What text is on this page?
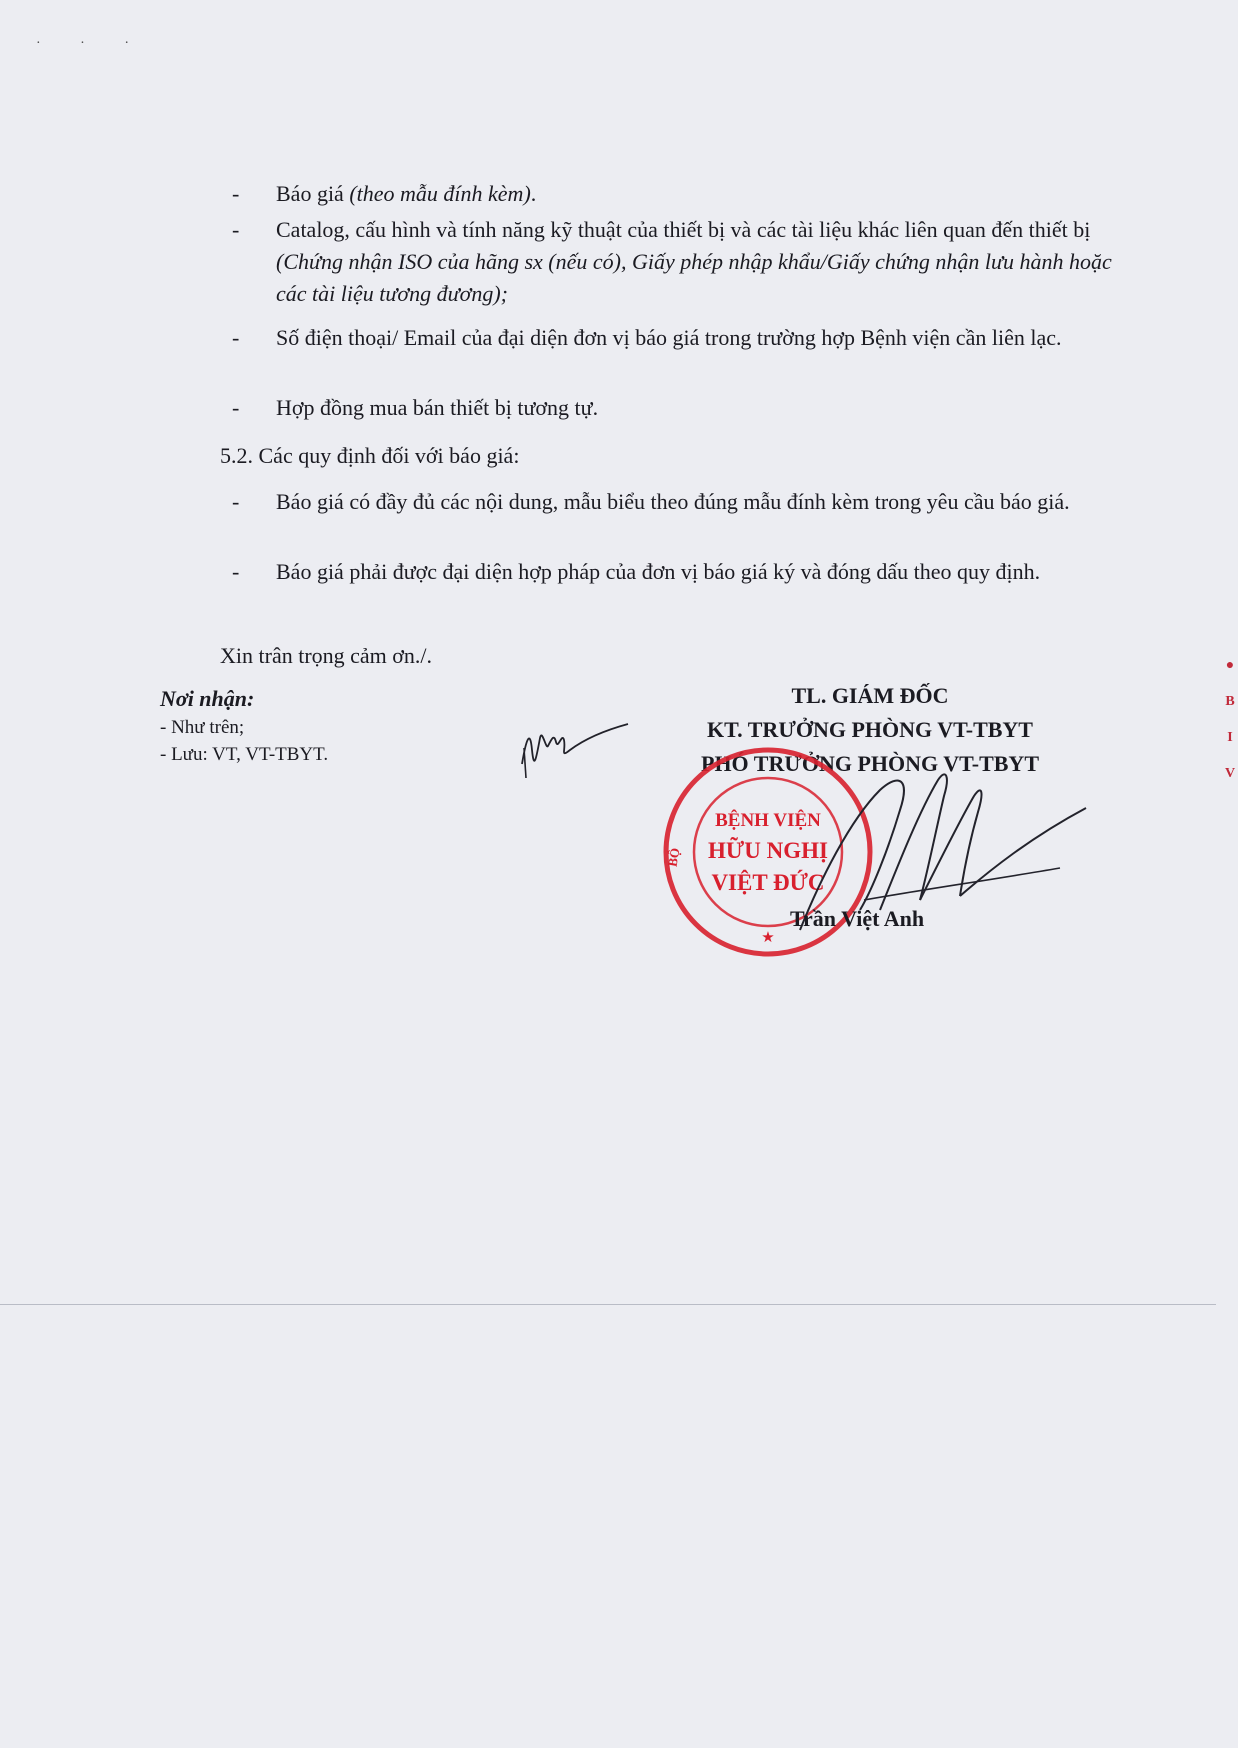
· · ·
- Báo giá (theo mẫu đính kèm).
- Catalog, cấu hình và tính năng kỹ thuật của thiết bị và các tài liệu khác liên quan đến thiết bị (Chứng nhận ISO của hãng sx (nếu có), Giấy phép nhập khẩu/Giấy chứng nhận lưu hành hoặc các tài liệu tương đương);
- Số điện thoại/ Email của đại diện đơn vị báo giá trong trường hợp Bệnh viện cần liên lạc.
- Hợp đồng mua bán thiết bị tương tự.
5.2. Các quy định đối với báo giá:
- Báo giá có đầy đủ các nội dung, mẫu biểu theo đúng mẫu đính kèm trong yêu cầu báo giá.
- Báo giá phải được đại diện hợp pháp của đơn vị báo giá ký và đóng dấu theo quy định.
Xin trân trọng cảm ơn./.
Nơi nhận:
- Như trên;
- Lưu: VT, VT-TBYT.
TL. GIÁM ĐỐC
KT. TRƯỞNG PHÒNG VT-TBYT
PHÓ TRƯỞNG PHÒNG VT-TBYT
BỆNH VIỆN
HỮU NGHỊ
VIỆT ĐỨC
BỘ
★
Trần Việt Anh
●
B
I
V
